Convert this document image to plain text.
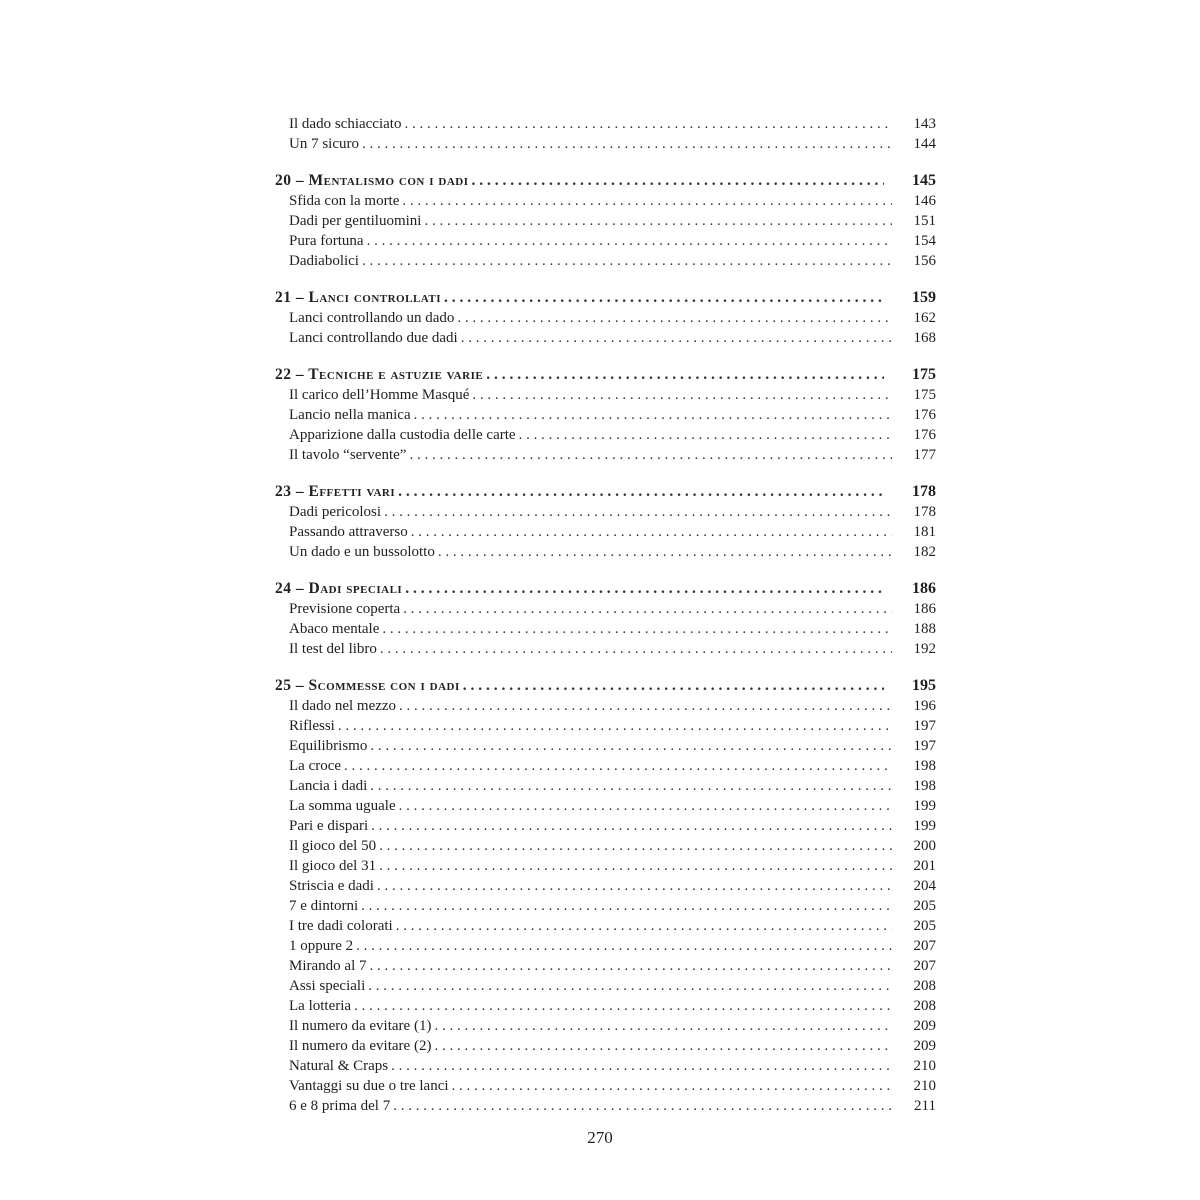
Il dado schiacciato . . .	143
Un 7 sicuro . . .	144
20 – Mentalismo con i dadi . . .	145
Sfida con la morte . . .	146
Dadi per gentiluomini . . .	151
Pura fortuna . . .	154
Dadiabolici . . .	156
21 – Lanci controllati . . .	159
Lanci controllando un dado . . .	162
Lanci controllando due dadi . . .	168
22 – Tecniche e astuzie varie . . .	175
Il carico dell’Homme Masqué . . .	175
Lancio nella manica . . .	176
Apparizione dalla custodia delle carte . . .	176
Il tavolo “servente” . . .	177
23 – Effetti vari . . .	178
Dadi pericolosi . . .	178
Passando attraverso . . .	181
Un dado e un bussolotto . . .	182
24 – Dadi speciali . . .	186
Previsione coperta . . .	186
Abaco mentale . . .	188
Il test del libro . . .	192
25 – Scommesse con i dadi . . .	195
Il dado nel mezzo . . .	196
Riflessi . . .	197
Equilibrismo . . .	197
La croce . . .	198
Lancia i dadi . . .	198
La somma uguale . . .	199
Pari e dispari . . .	199
Il gioco del 50 . . .	200
Il gioco del 31 . . .	201
Striscia e dadi . . .	204
7 e dintorni . . .	205
I tre dadi colorati . . .	205
1 oppure 2 . . .	207
Mirando al 7 . . .	207
Assi speciali . . .	208
La lotteria . . .	208
Il numero da evitare (1) . . .	209
Il numero da evitare (2) . . .	209
Natural & Craps . . .	210
Vantaggi su due o tre lanci . . .	210
6 e 8 prima del 7 . . .	211
270
